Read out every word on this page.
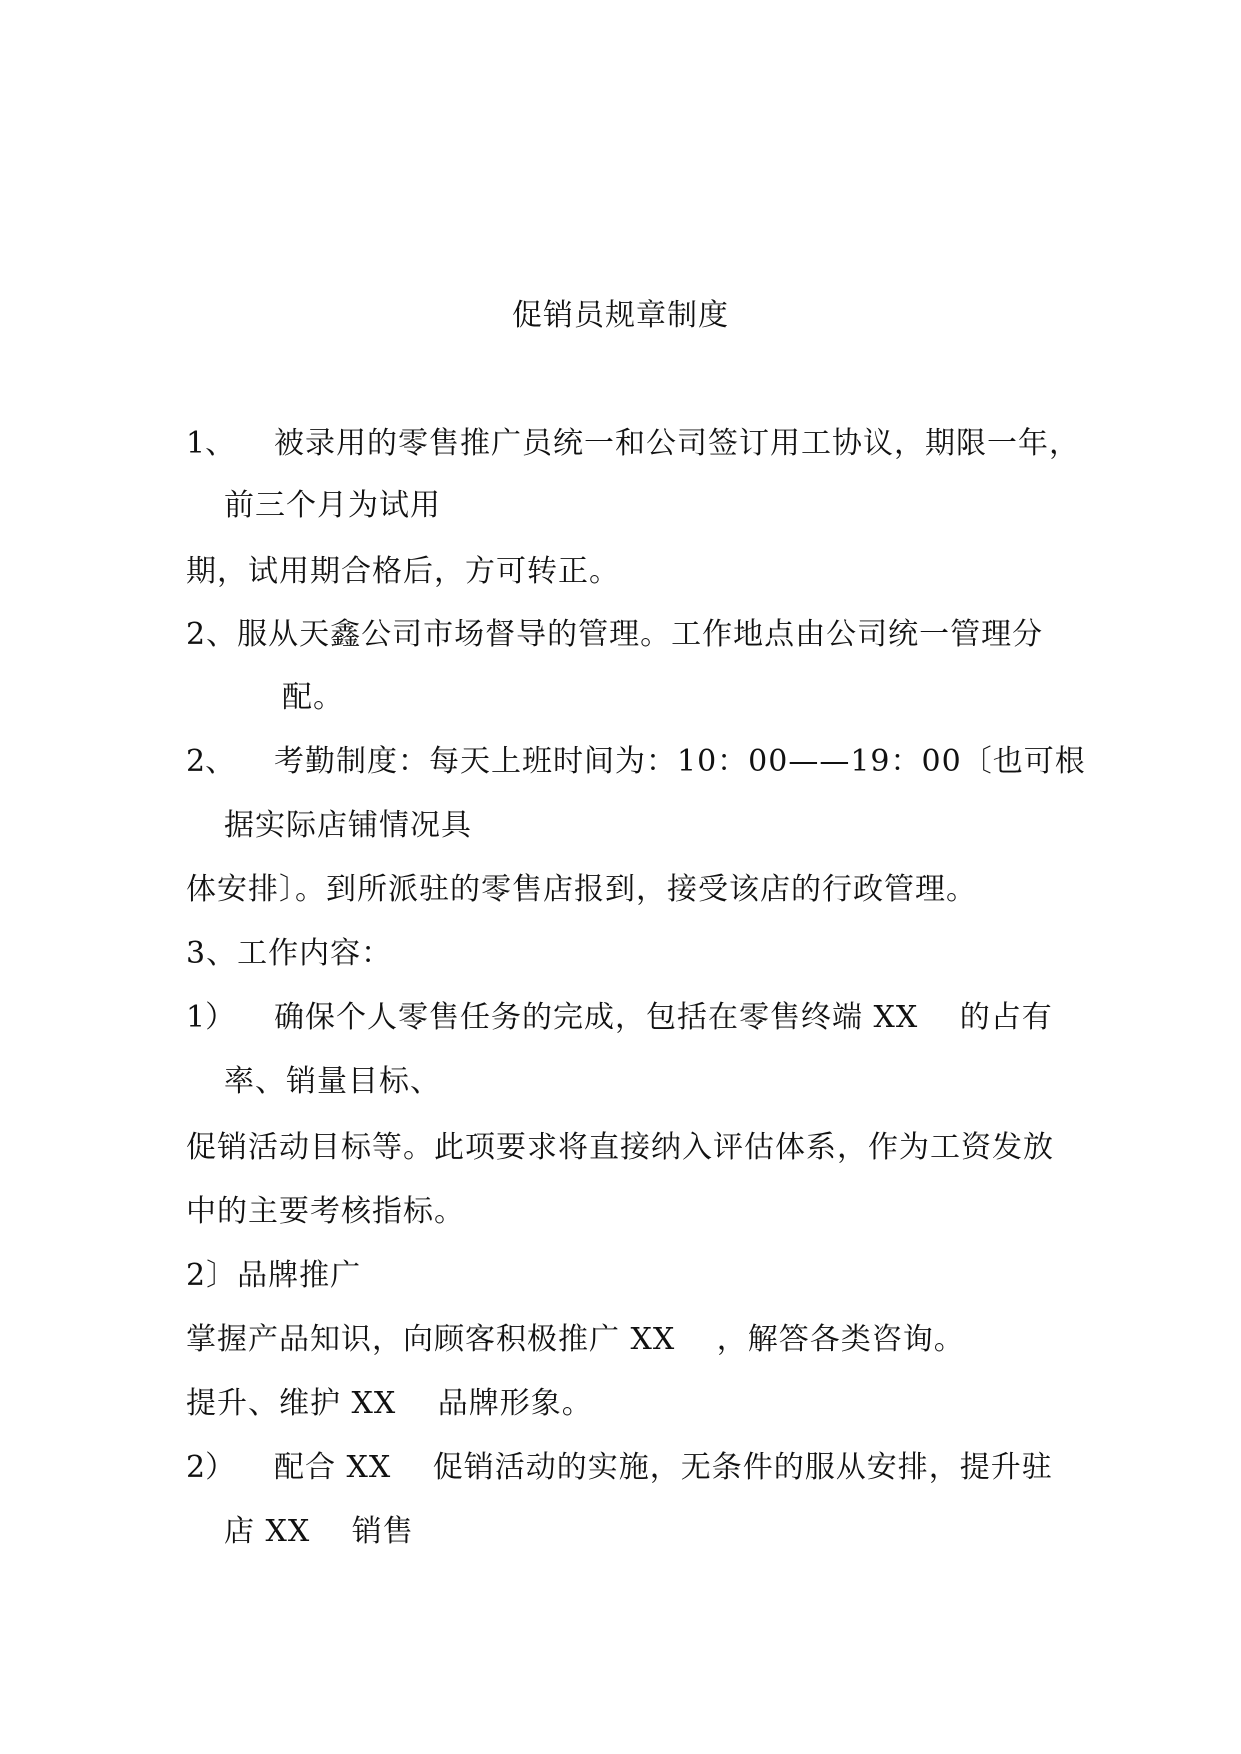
促销员规章制度
1、 被录用的零售推广员统一和公司签订用工协议，期限一年，
前三个月为试用
期，试用期合格后，方可转正。
2、服从天鑫公司市场督导的管理。工作地点由公司统一管理分
配。
2、 考勤制度：每天上班时间为：10：00——19：00〔也可根
据实际店铺情况具
体安排〕。到所派驻的零售店报到，接受该店的行政管理。
3、工作内容：
1） 确保个人零售任务的完成，包括在零售终端 XX　 的占有
率、销量目标、
促销活动目标等。此项要求将直接纳入评估体系，作为工资发放
中的主要考核指标。
2〕品牌推广
掌握产品知识，向顾客积极推广 XX　 ，解答各类咨询。
提升、维护 XX　 品牌形象。
2） 配合 XX　 促销活动的实施，无条件的服从安排，提升驻
店 XX　 销售
